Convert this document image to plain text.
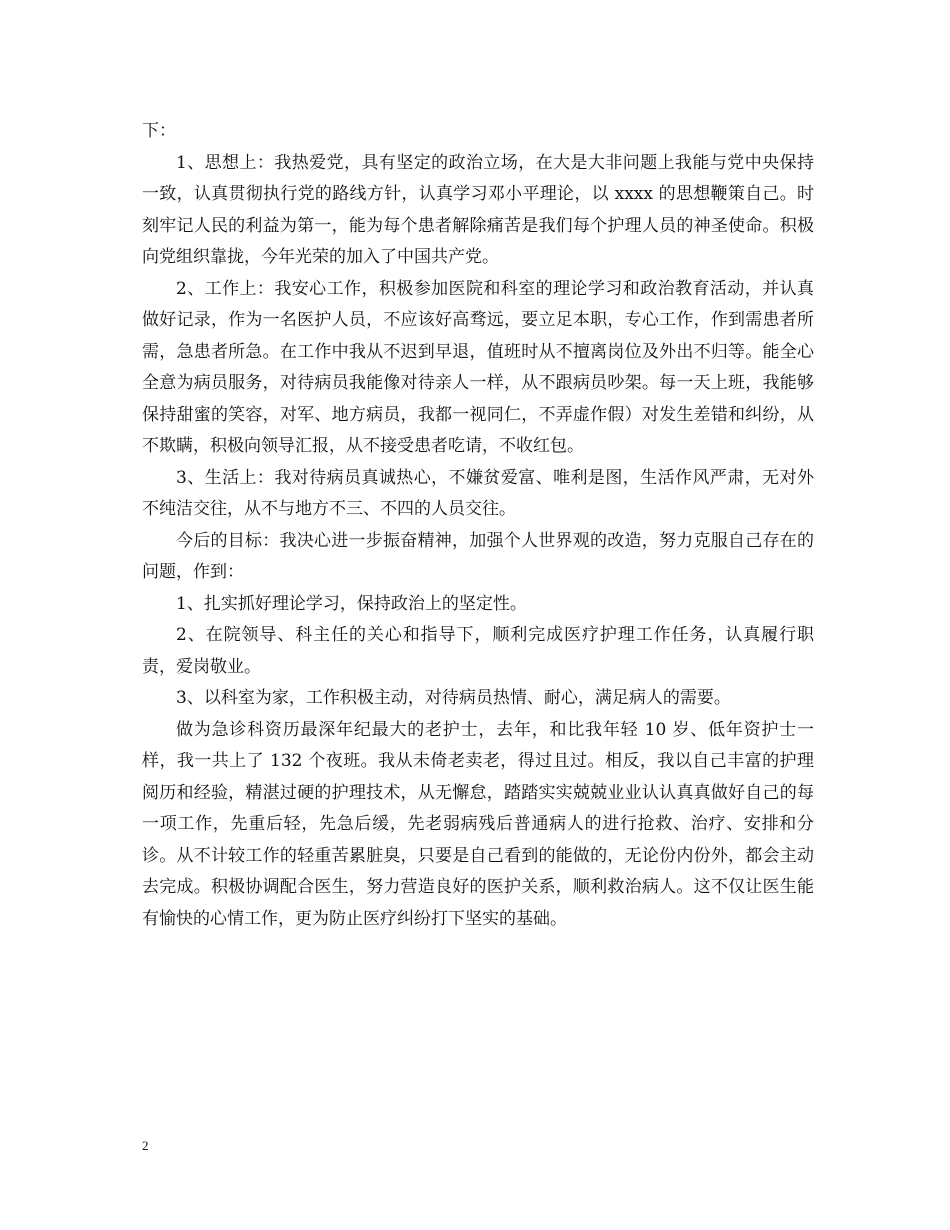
下：

1、思想上：我热爱党，具有坚定的政治立场，在大是大非问题上我能与党中央保持一致，认真贯彻执行党的路线方针，认真学习邓小平理论，以 xxxx 的思想鞭策自己。时刻牢记人民的利益为第一，能为每个患者解除痛苦是我们每个护理人员的神圣使命。积极向党组织靠拢，今年光荣的加入了中国共产党。

2、工作上：我安心工作，积极参加医院和科室的理论学习和政治教育活动，并认真做好记录，作为一名医护人员，不应该好高骛远，要立足本职，专心工作，作到需患者所需，急患者所急。在工作中我从不迟到早退，值班时从不擅离岗位及外出不归等。能全心全意为病员服务，对待病员我能像对待亲人一样，从不跟病员吵架。每一天上班，我能够保持甜蜜的笑容，对军、地方病员，我都一视同仁，不弄虚作假）对发生差错和纠纷，从不欺瞒，积极向领导汇报，从不接受患者吃请，不收红包。

3、生活上：我对待病员真诚热心，不嫌贫爱富、唯利是图，生活作风严肃，无对外不纯洁交往，从不与地方不三、不四的人员交往。

今后的目标：我决心进一步振奋精神，加强个人世界观的改造，努力克服自己存在的问题，作到：

1、扎实抓好理论学习，保持政治上的坚定性。

2、在院领导、科主任的关心和指导下，顺利完成医疗护理工作任务，认真履行职责，爱岗敬业。

3、以科室为家，工作积极主动，对待病员热情、耐心，满足病人的需要。

做为急诊科资历最深年纪最大的老护士，去年，和比我年轻 10 岁、低年资护士一样，我一共上了 132 个夜班。我从未倚老卖老，得过且过。相反，我以自己丰富的护理阅历和经验，精湛过硬的护理技术，从无懈怠，踏踏实实兢兢业业认认真真做好自己的每一项工作，先重后轻，先急后缓，先老弱病残后普通病人的进行抢救、治疗、安排和分诊。从不计较工作的轻重苦累脏臭，只要是自己看到的能做的，无论份内份外，都会主动去完成。积极协调配合医生，努力营造良好的医护关系，顺利救治病人。这不仅让医生能有愉快的心情工作，更为防止医疗纠纷打下坚实的基础。

2
